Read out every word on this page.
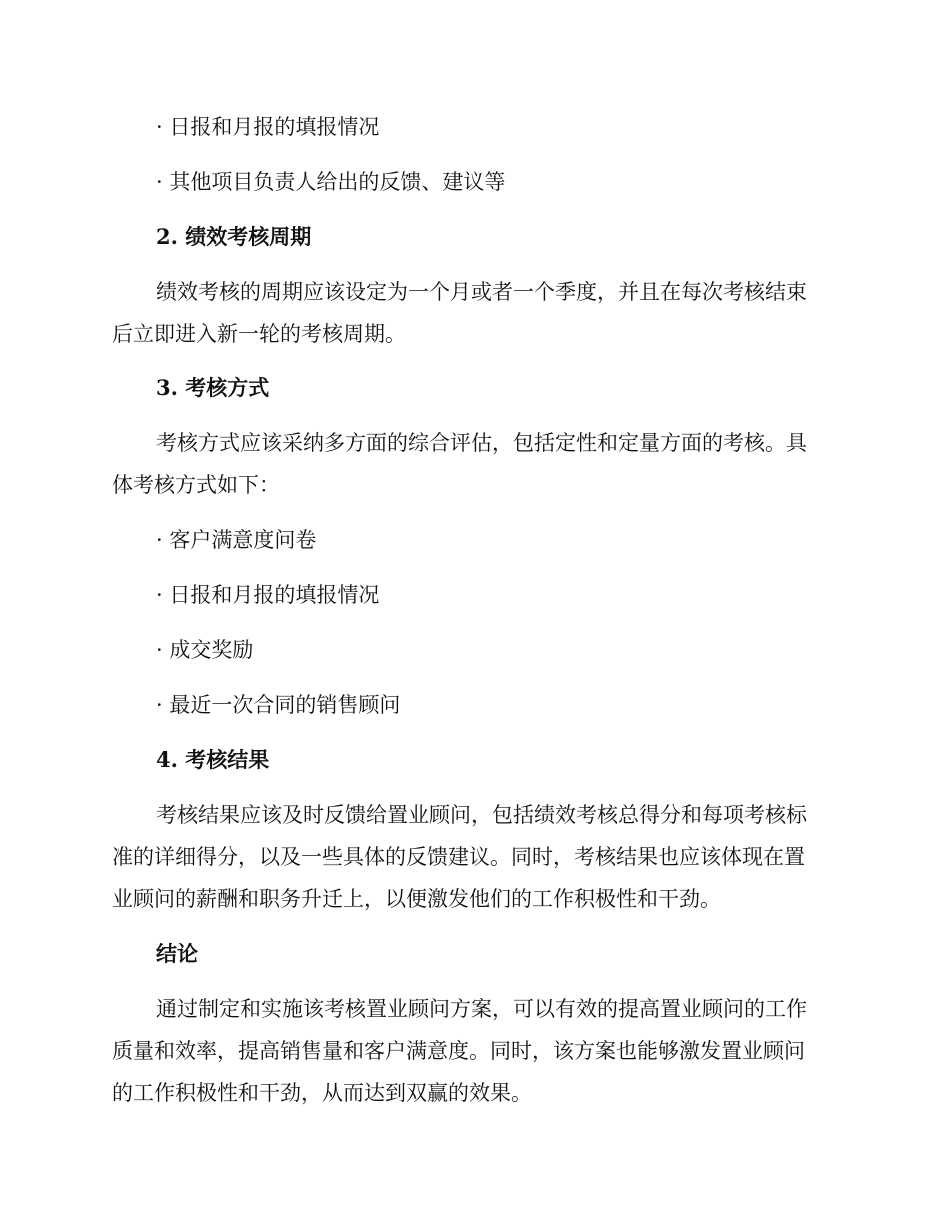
· 日报和月报的填报情况
· 其他项目负责人给出的反馈、建议等
2. 绩效考核周期
绩效考核的周期应该设定为一个月或者一个季度，并且在每次考核结束
后立即进入新一轮的考核周期。
3. 考核方式
考核方式应该采纳多方面的综合评估，包括定性和定量方面的考核。具
体考核方式如下：
· 客户满意度问卷
· 日报和月报的填报情况
· 成交奖励
· 最近一次合同的销售顾问
4. 考核结果
考核结果应该及时反馈给置业顾问，包括绩效考核总得分和每项考核标
准的详细得分，以及一些具体的反馈建议。同时，考核结果也应该体现在置
业顾问的薪酬和职务升迁上，以便激发他们的工作积极性和干劲。
结论
通过制定和实施该考核置业顾问方案，可以有效的提高置业顾问的工作
质量和效率，提高销售量和客户满意度。同时，该方案也能够激发置业顾问
的工作积极性和干劲，从而达到双赢的效果。
